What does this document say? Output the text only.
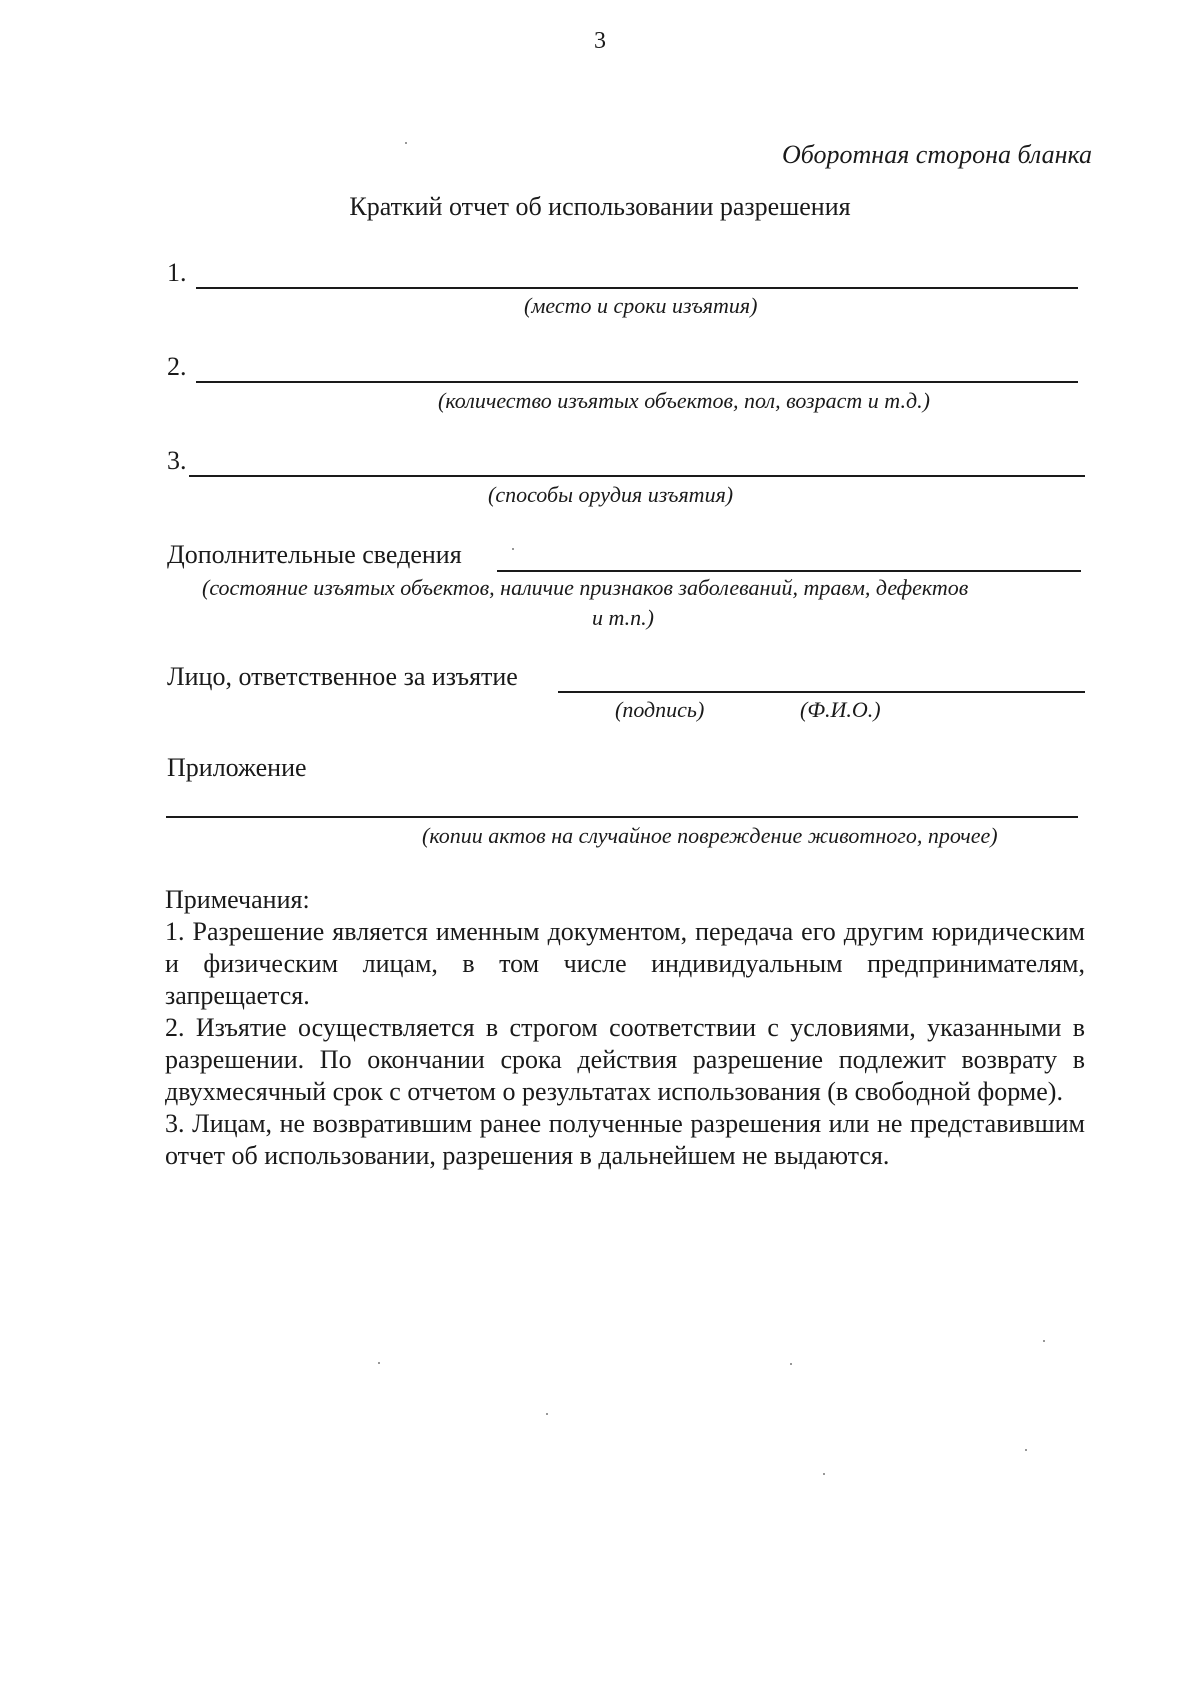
3
Оборотная сторона бланка
Краткий отчет об использовании разрешения
1.
(место и сроки изъятия)
2.
(количество изъятых объектов, пол, возраст и т.д.)
3.
(способы орудия изъятия)
Дополнительные сведения
(состояние изъятых объектов, наличие признаков заболеваний, травм, дефектов
и т.п.)
Лицо, ответственное за изъятие
(подпись)	(Ф.И.О.)
Приложение
(копии актов на случайное повреждение животного, прочее)

Примечания:

1. Разрешение является именным документом, передача его другим юридическим и физическим лицам, в том числе индивидуальным предпринимателям, запрещается.

2. Изъятие осуществляется в строгом соответствии с условиями, указанными в разрешении. По окончании срока действия разрешение подлежит возврату в двухмесячный срок с отчетом о результатах использования (в свободной форме).

3. Лицам, не возвратившим ранее полученные разрешения или не представившим отчет об использовании, разрешения в дальнейшем не выдаются.
